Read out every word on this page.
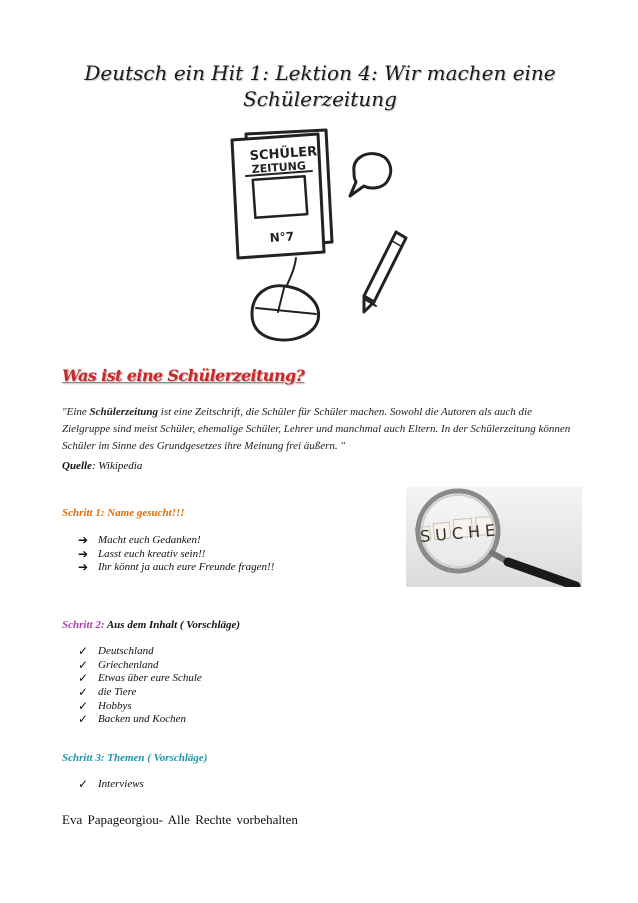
Deutsch ein Hit 1: Lektion 4: Wir machen eine
Schülerzeitung
SCHÜLER
ZEITUNG
N°7
Was ist eine Schülerzeitung?
"Eine Schülerzeitung ist eine Zeitschrift, die Schüler für Schüler machen. Sowohl die Autoren als auch die Zielgruppe sind meist Schüler, ehemalige Schüler, Lehrer und manchmal auch Eltern. In der Schülerzeitung können Schüler im Sinne des Grundgesetzes ihre Meinung frei äußern. "
Quelle: Wikipedia
Schritt 1: Name gesucht!!!
➔ Macht euch Gedanken!
➔ Lasst euch kreativ sein!!
➔ Ihr könnt ja auch eure Freunde fragen!!
SUCHE
Schritt 2: Aus dem Inhalt ( Vorschläge)
✓ Deutschland
✓ Griechenland
✓ Etwas über eure Schule
✓ die Tiere
✓ Hobbys
✓ Backen und Kochen
Schritt 3: Themen ( Vorschläge)
✓ Interviews
Eva Papageorgiou- Alle Rechte vorbehalten
